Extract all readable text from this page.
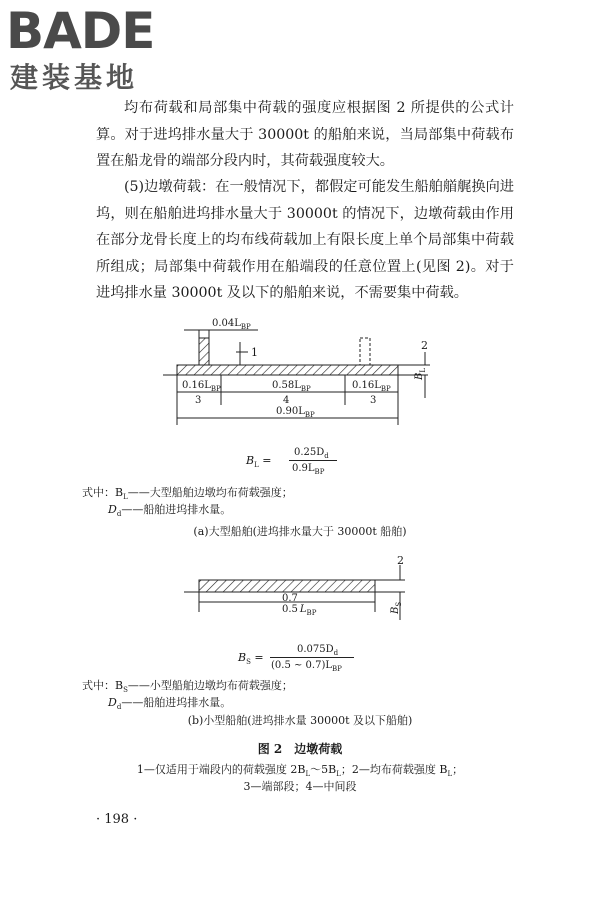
BADE
建装基地

均布荷载和局部集中荷载的强度应根据图 2 所提供的公式计算。对于进坞排水量大于 30000t 的船舶来说，当局部集中荷载布置在船龙骨的端部分段内时，其荷载强度较大。

(5)边墩荷载：在一般情况下，都假定可能发生船舶艏艉换向进坞，则在船舶进坞排水量大于 30000t 的情况下，边墩荷载由作用在部分龙骨长度上的均布线荷载加上有限长度上单个局部集中荷载所组成；局部集中荷载作用在船端段的任意位置上(见图 2)。对于进坞排水量 30000t 及以下的船舶来说，不需要集中荷载。

$0.04L_{BP}$
1
2
$0.16L_{BP}$	$0.58L_{BP}$	$0.16L_{BP}$
3	4	3
$0.90L_{BP}$
$B_L$
$B_L$ =
$0.25D_d$
$0.9L_{BP}$
式中：$B_L——$大型船舶边墩均布荷载强度；
$D_d——$船舶进坞排水量。
(a)大型船舶(进坞排水量大于 30000t 船舶)
2
0.7
0.5 $L_{BP}$	$B_S$
$B_S$ =
$0.075D_d$
(0.5 ~ $0.7)L_{BP}$
式中：$B_S——$小型船舶边墩均布荷载强度；
$D_d——$船舶进坞排水量。
(b)小型船舶(进坞排水量 30000t 及以下船舶)
图 2　边墩荷载
1—仅适用于端段内的荷载强度 $2B_L\sim 5B_L$；2—均布荷载强度 $B_L$；
3—端部段；4—中间段
· 198 ·
